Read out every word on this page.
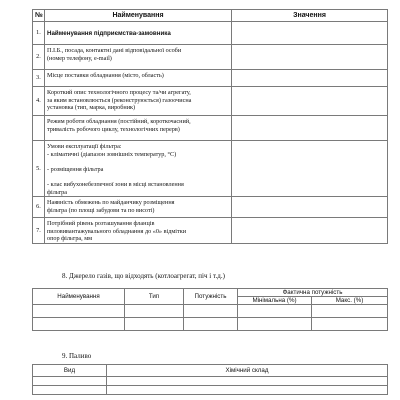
№	Найменування	Значення
1.	Найменування підприємства-замовника	

2.	П.І.Б., посада, контактні дані відповідальної особи
(номер телефону, e-mail)	

3.	Місце поставки обладнання (місто, область)	

4.	Короткий опис технологічного процесу та/чи агрегату,
за яким встановлюється (реконструюється) газоочисна
установка (тип, марка, виробник)	

	Режим роботи обладнання (постійний, короткочасний,
тривалість робочого циклу, технологічних перерв)	

5.	Умови експлуатації фільтра:
- кліматичні (діапазон зовнішніх температур, °С)
- розміщення фільтра
- клас вибухонебезпечної зони в місці встановлення
фільтра	

6.	Наявність обмежень по майданчику розміщення
фільтра (по площі забудови та по висоті)	

7.	Потрібний рівень розташування фланців
пиловивантажувального обладнання до «0» відмітки
опор фільтра, мм	

8. Джерело газів, що відходять (котлоагрегат, піч і т.д.)
Найменування	Тип	Потужність	Фактична потужність	
			Мінімальна (%)	Макс. (%)

9. Паливо
Вид	Хімічний склад
